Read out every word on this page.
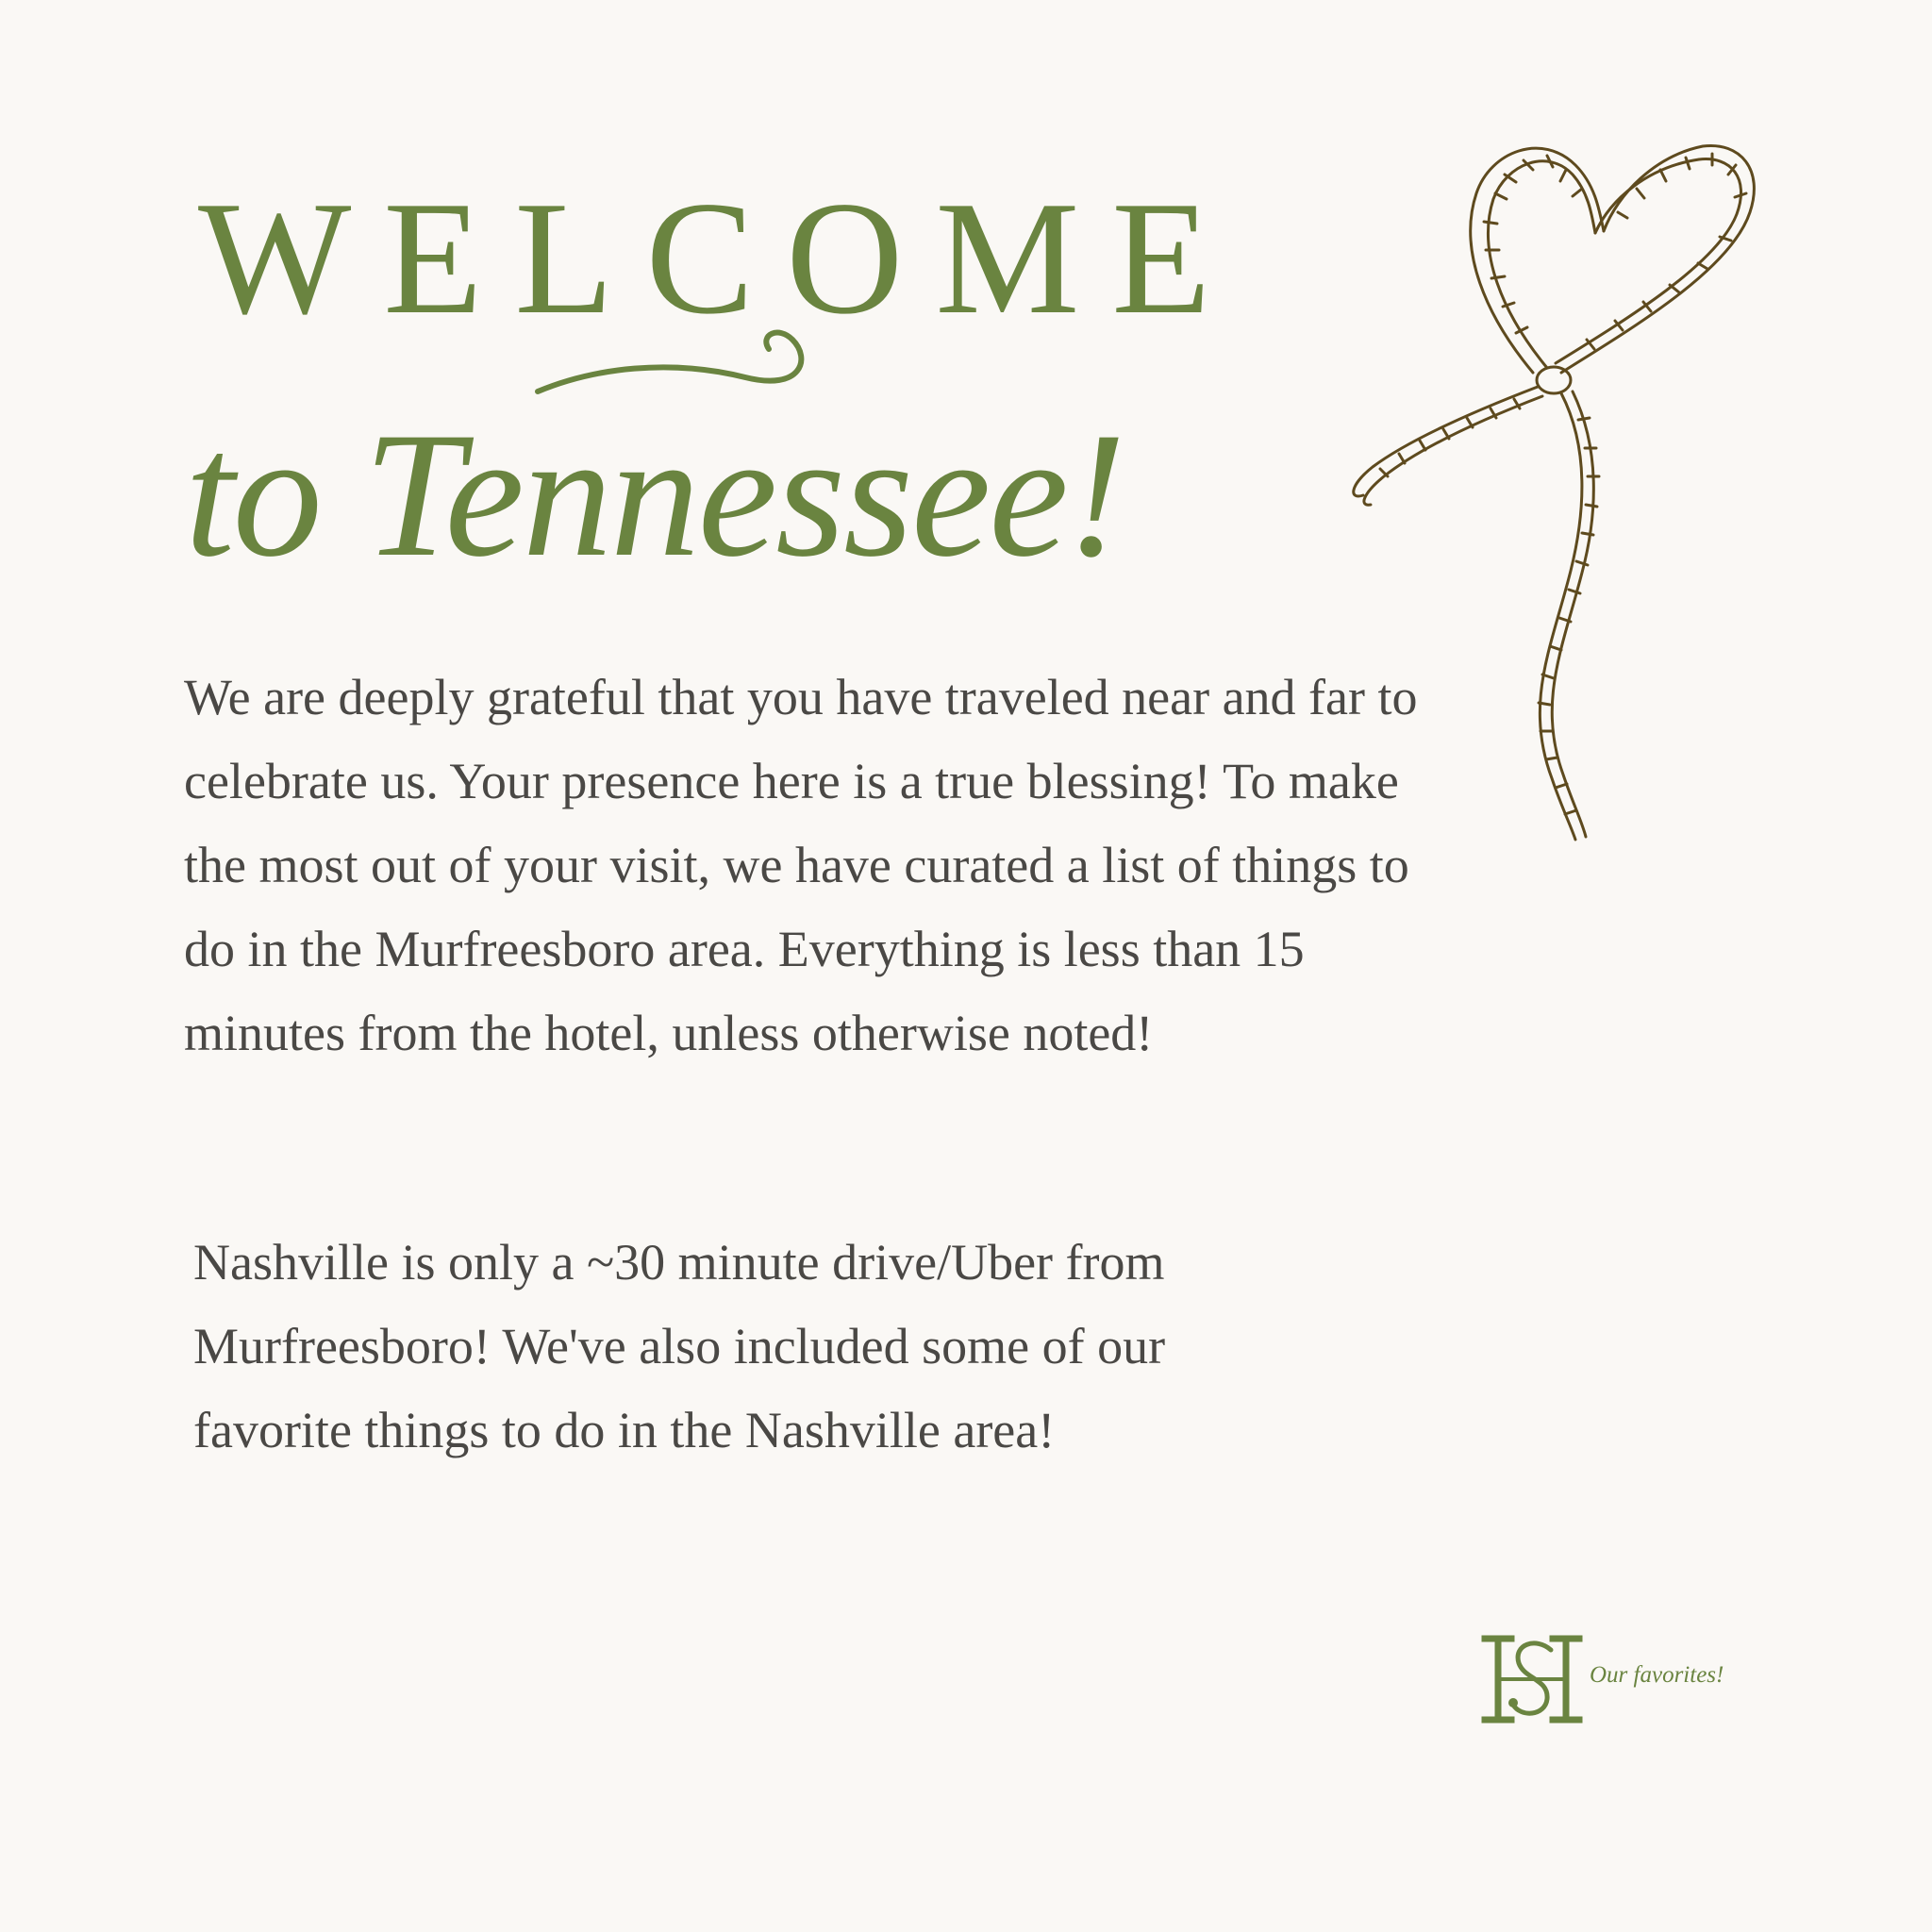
WELCOME
to Tennessee!

We are deeply grateful that you have traveled near and far to celebrate us. Your presence here is a true blessing! To make the most out of your visit, we have curated a list of things to do in the Murfreesboro area. Everything is less than 15 minutes from the hotel, unless otherwise noted!

Nashville is only a ~30 minute drive/Uber from Murfreesboro! We've also included some of our favorite things to do in the Nashville area!

Our favorites!
